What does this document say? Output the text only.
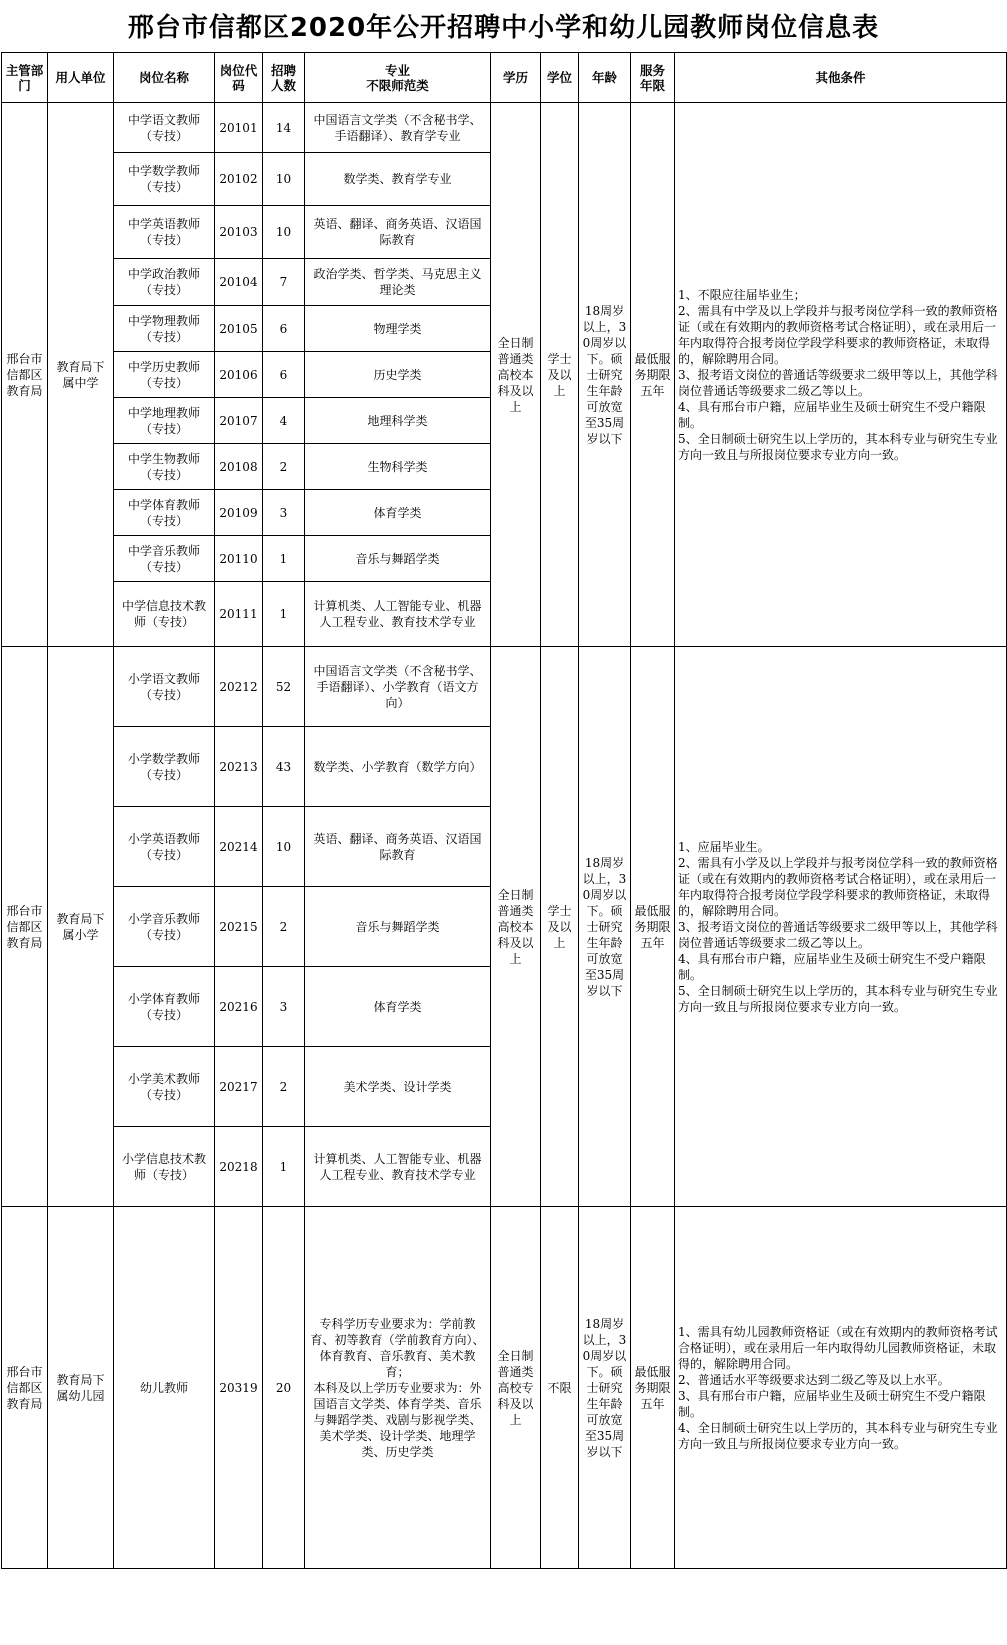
邢台市信都区2020年公开招聘中小学和幼儿园教师岗位信息表
主管部门	用人单位	岗位名称	岗位代码	招聘人数	专业
不限师范类	学历	学位	年龄	服务年限	其他条件
邢台市信都区教育局	教育局下属中学	中学语文教师（专技）	20101	14	中国语言文学类（不含秘书学、手语翻译）、教育学专业	全日制普通类高校本科及以上	学士及以上	18周岁以上，30周岁以下。硕士研究生年龄可放宽至35周岁以下	最低服务期限五年	1、不限应往届毕业生；
2、需具有中学及以上学段并与报考岗位学科一致的教师资格证（或在有效期内的教师资格考试合格证明），或在录用后一年内取得符合报考岗位学段学科要求的教师资格证，未取得的，解除聘用合同。
3、报考语文岗位的普通话等级要求二级甲等以上，其他学科岗位普通话等级要求二级乙等以上。
4、具有邢台市户籍，应届毕业生及硕士研究生不受户籍限制。
5、全日制硕士研究生以上学历的，其本科专业与研究生专业方向一致且与所报岗位要求专业方向一致。
		中学数学教师（专技）	20102	10	数学类、教育学专业					
		中学英语教师（专技）	20103	10	英语、翻译、商务英语、汉语国际教育					
		中学政治教师（专技）	20104	7	政治学类、哲学类、马克思主义理论类					
		中学物理教师（专技）	20105	6	物理学类					
		中学历史教师（专技）	20106	6	历史学类					
		中学地理教师（专技）	20107	4	地理科学类					
		中学生物教师（专技）	20108	2	生物科学类					
		中学体育教师（专技）	20109	3	体育学类					
		中学音乐教师（专技）	20110	1	音乐与舞蹈学类					
		中学信息技术教师（专技）	20111	1	计算机类、人工智能专业、机器人工程专业、教育技术学专业					
邢台市信都区教育局	教育局下属小学	小学语文教师（专技）	20212	52	中国语言文学类（不含秘书学、手语翻译）、小学教育（语文方向）	全日制普通类高校本科及以上	学士及以上	18周岁以上，30周岁以下。硕士研究生年龄可放宽至35周岁以下	最低服务期限五年	1、应届毕业生。
2、需具有小学及以上学段并与报考岗位学科一致的教师资格证（或在有效期内的教师资格考试合格证明），或在录用后一年内取得符合报考岗位学段学科要求的教师资格证，未取得的，解除聘用合同。
3、报考语文岗位的普通话等级要求二级甲等以上，其他学科岗位普通话等级要求二级乙等以上。
4、具有邢台市户籍，应届毕业生及硕士研究生不受户籍限制。
5、全日制硕士研究生以上学历的，其本科专业与研究生专业方向一致且与所报岗位要求专业方向一致。
		小学数学教师（专技）	20213	43	数学类、小学教育（数学方向）					
		小学英语教师（专技）	20214	10	英语、翻译、商务英语、汉语国际教育					
		小学音乐教师（专技）	20215	2	音乐与舞蹈学类					
		小学体育教师（专技）	20216	3	体育学类					
		小学美术教师（专技）	20217	2	美术学类、设计学类					
		小学信息技术教师（专技）	20218	1	计算机类、人工智能专业、机器人工程专业、教育技术学专业					
邢台市信都区教育局	教育局下属幼儿园	幼儿教师	20319	20	专科学历专业要求为：学前教育、初等教育（学前教育方向）、体育教育、音乐教育、美术教育；
本科及以上学历专业要求为：外国语言文学类、体育学类、音乐与舞蹈学类、戏剧与影视学类、美术学类、设计学类、地理学类、历史学类	全日制普通类高校专科及以上	不限	18周岁以上，30周岁以下。硕士研究生年龄可放宽至35周岁以下	最低服务期限五年	1、需具有幼儿园教师资格证（或在有效期内的教师资格考试合格证明），或在录用后一年内取得幼儿园教师资格证，未取得的，解除聘用合同。
2、普通话水平等级要求达到二级乙等及以上水平。
3、具有邢台市户籍，应届毕业生及硕士研究生不受户籍限制。
4、全日制硕士研究生以上学历的，其本科专业与研究生专业方向一致且与所报岗位要求专业方向一致。
